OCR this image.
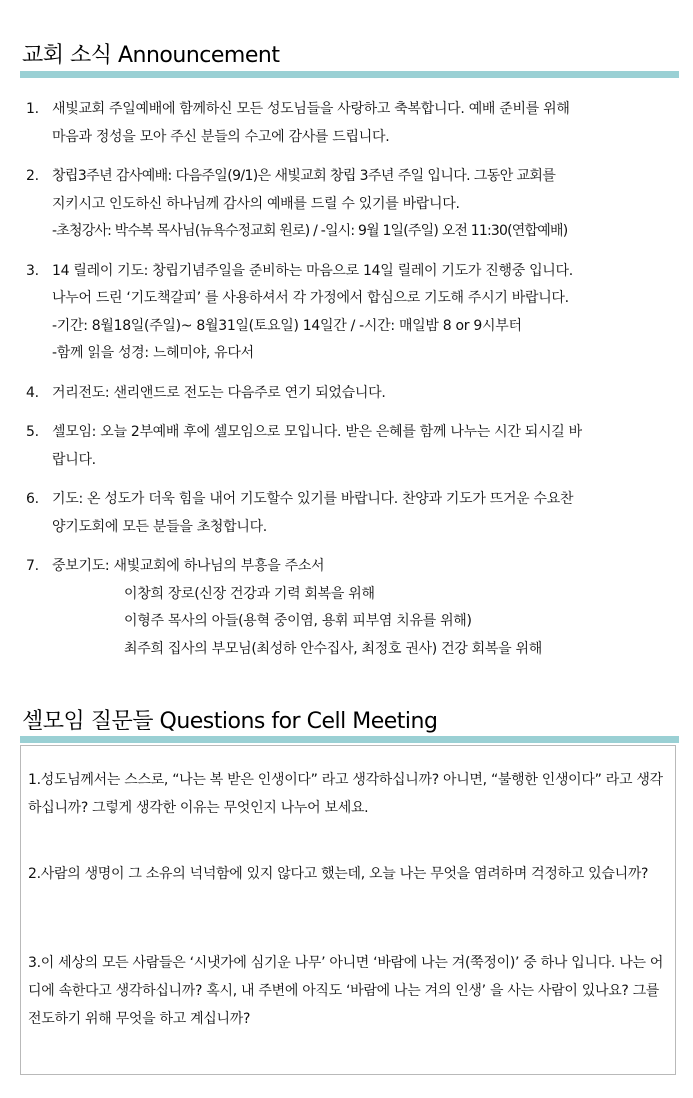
교회 소식 Announcement
1. 새빛교회 주일예배에 함께하신 모든 성도님들을 사랑하고 축복합니다. 예배 준비를 위해
마음과 정성을 모아 주신 분들의 수고에 감사를 드립니다.
2. 창립3주년 감사예배: 다음주일(9/1)은 새빛교회 창립 3주년 주일 입니다. 그동안 교회를
지키시고 인도하신 하나님께 감사의 예배를 드릴 수 있기를 바랍니다.
-초청강사: 박수복 목사님(뉴욕수정교회 원로) / -일시: 9월 1일(주일) 오전 11:30(연합예배)
3. 14 릴레이 기도: 창립기념주일을 준비하는 마음으로 14일 릴레이 기도가 진행중 입니다.
나누어 드린 ‘기도책갈피’ 를 사용하셔서 각 가정에서 합심으로 기도해 주시기 바랍니다.
-기간: 8월18일(주일)~ 8월31일(토요일) 14일간 / -시간: 매일밤 8 or 9시부터
-함께 읽을 성경: 느헤미야, 유다서
4. 거리전도: 샌리앤드로 전도는 다음주로 연기 되었습니다.
5. 셀모임: 오늘 2부예배 후에 셀모임으로 모입니다. 받은 은혜를 함께 나누는 시간 되시길 바
랍니다.
6. 기도: 온 성도가 더욱 힘을 내어 기도할수 있기를 바랍니다. 찬양과 기도가 뜨거운 수요찬
양기도회에 모든 분들을 초청합니다.
7. 중보기도: 새빛교회에 하나님의 부흥을 주소서
이창희 장로(신장 건강과 기력 회복을 위해
이형주 목사의 아들(용혁 중이염, 용휘 피부염 치유를 위해)
최주희 집사의 부모님(최성하 안수집사, 최정호 권사) 건강 회복을 위해
셀모임 질문들 Questions for Cell Meeting

1.성도님께서는 스스로, “나는 복 받은 인생이다” 라고 생각하십니까? 아니면, “불행한 인생이다” 라고 생각하십니까? 그렇게 생각한 이유는 무엇인지 나누어 보세요.

2.사람의 생명이 그 소유의 넉넉함에 있지 않다고 했는데, 오늘 나는 무엇을 염려하며 걱정하고 있습니까?

3.이 세상의 모든 사람들은 ‘시냇가에 심기운 나무’ 아니면 ‘바람에 나는 겨(쭉정이)’ 중 하나 입니다. 나는 어디에 속한다고 생각하십니까? 혹시, 내 주변에 아직도 ‘바람에 나는 겨의 인생’ 을 사는 사람이 있나요? 그를 전도하기 위해 무엇을 하고 계십니까?
